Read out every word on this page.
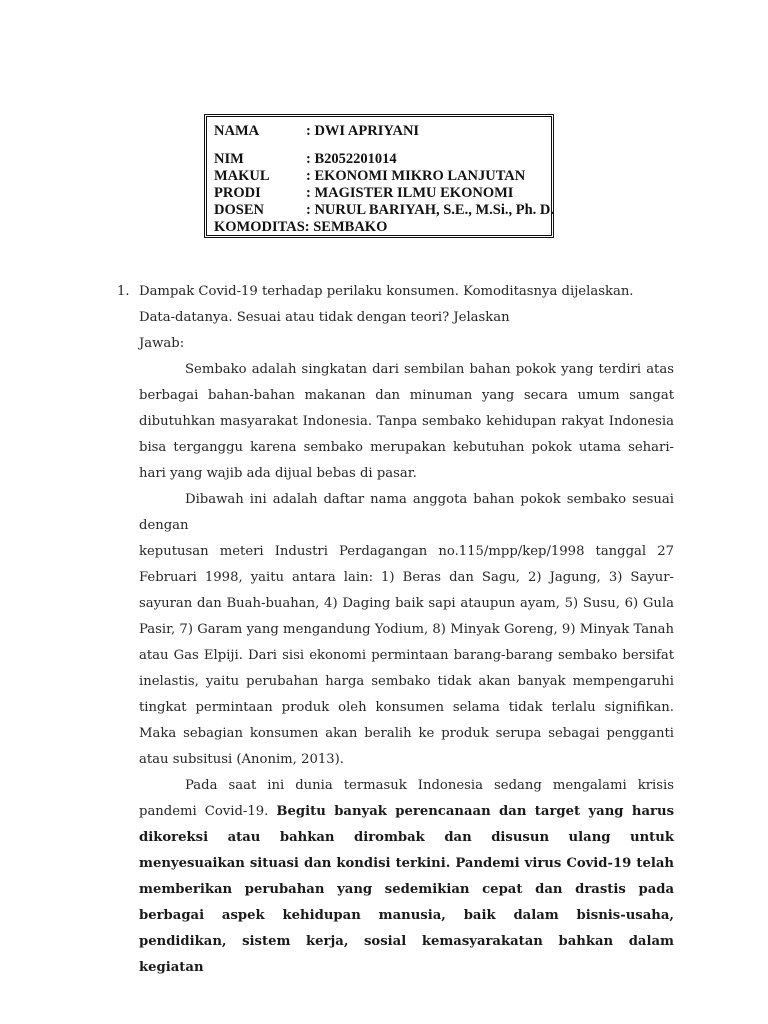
NAMA	: DWI APRIYANI
NIM	: B2052201014
MAKUL	: EKONOMI MIKRO LANJUTAN
PRODI	: MAGISTER ILMU EKONOMI
DOSEN	: NURUL BARIYAH, S.E., M.Si., Ph. D.
KOMODITAS : SEMBAKO
1. Dampak Covid-19 terhadap perilaku konsumen. Komoditasnya dijelaskan.
Data-datanya. Sesuai atau tidak dengan teori? Jelaskan
Jawab:

Sembako adalah singkatan dari sembilan bahan pokok yang terdiri atas berbagai bahan-bahan makanan dan minuman yang secara umum sangat dibutuhkan masyarakat Indonesia. Tanpa sembako kehidupan rakyat Indonesia bisa terganggu karena sembako merupakan kebutuhan pokok utama sehari-hari yang wajib ada dijual bebas di pasar.

Dibawah ini adalah daftar nama anggota bahan pokok sembako sesuai dengan

keputusan meteri Industri Perdagangan no.115/mpp/kep/1998 tanggal 27 Februari 1998, yaitu antara lain: 1) Beras dan Sagu, 2) Jagung, 3) Sayur-sayuran dan Buah-buahan, 4) Daging baik sapi ataupun ayam, 5) Susu, 6) Gula Pasir, 7) Garam yang mengandung Yodium, 8) Minyak Goreng, 9) Minyak Tanah atau Gas Elpiji. Dari sisi ekonomi permintaan barang-barang sembako bersifat inelastis, yaitu perubahan harga sembako tidak akan banyak mempengaruhi tingkat permintaan produk oleh konsumen selama tidak terlalu signifikan. Maka sebagian konsumen akan beralih ke produk serupa sebagai pengganti atau subsitusi (Anonim, 2013).

Pada saat ini dunia termasuk Indonesia sedang mengalami krisis pandemi Covid-19. Begitu banyak perencanaan dan target yang harus dikoreksi atau bahkan dirombak dan disusun ulang untuk menyesuaikan situasi dan kondisi terkini. Pandemi virus Covid-19 telah memberikan perubahan yang sedemikian cepat dan drastis pada berbagai aspek kehidupan manusia, baik dalam bisnis-usaha, pendidikan, sistem kerja, sosial kemasyarakatan bahkan dalam kegiatan
